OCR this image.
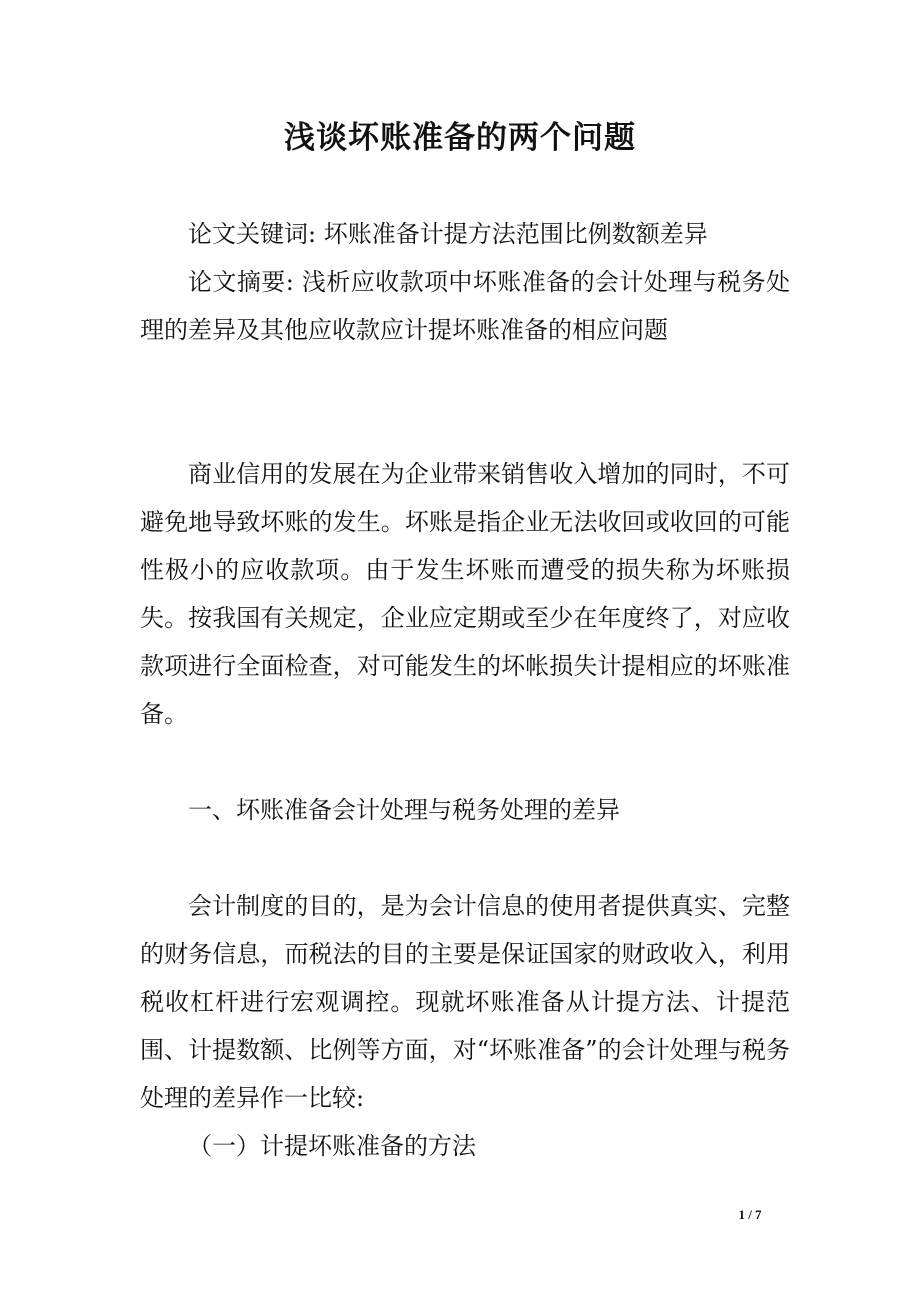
浅谈坏账准备的两个问题

论文关键词: 坏账准备计提方法范围比例数额差异

论文摘要: 浅析应收款项中坏账准备的会计处理与税务处理的差异及其他应收款应计提坏账准备的相应问题

商业信用的发展在为企业带来销售收入增加的同时，不可避免地导致坏账的发生。坏账是指企业无法收回或收回的可能性极小的应收款项。由于发生坏账而遭受的损失称为坏账损失。按我国有关规定，企业应定期或至少在年度终了，对应收款项进行全面检查，对可能发生的坏帐损失计提相应的坏账准备。

一、坏账准备会计处理与税务处理的差异

会计制度的目的，是为会计信息的使用者提供真实、完整的财务信息，而税法的目的主要是保证国家的财政收入，利用税收杠杆进行宏观调控。现就坏账准备从计提方法、计提范围、计提数额、比例等方面，对“坏账准备”的会计处理与税务处理的差异作一比较:

（一）计提坏账准备的方法

1 / 7
